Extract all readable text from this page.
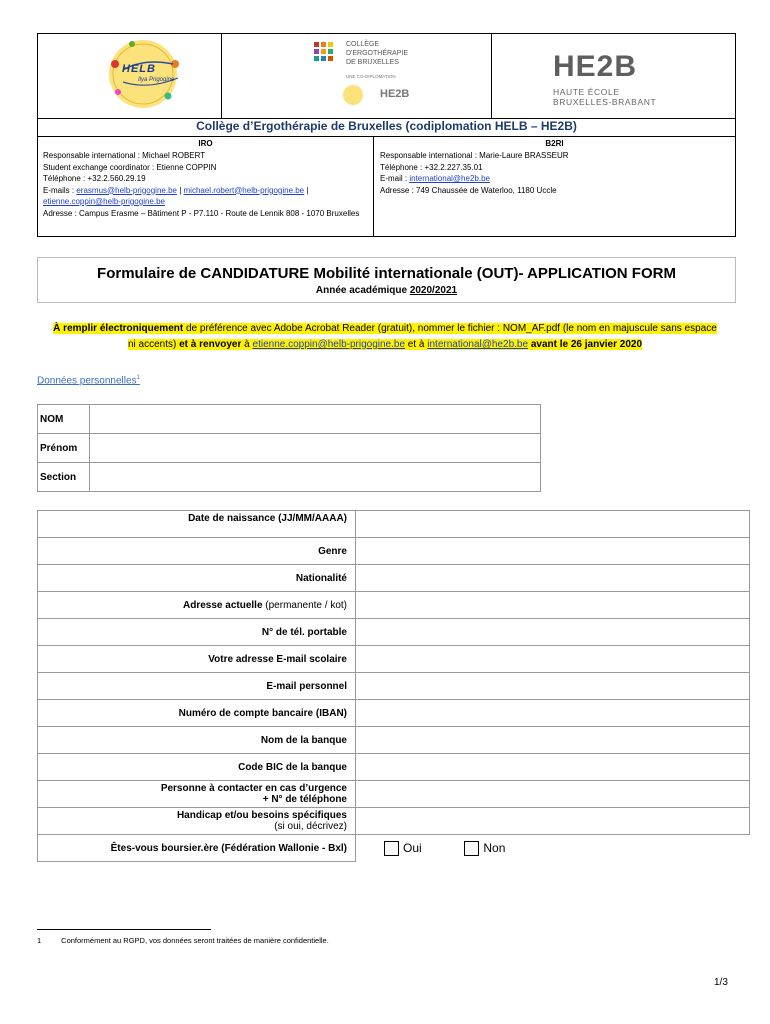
HELB
Ilya Prigogine
COLLÈGE
D'ERGOTHÉRAPIE
DE BRUXELLES
UNE CO-DIPLOMATION
HE2B
HE2B
HAUTE ÉCOLE
BRUXELLES-BRABANT
Collège d’Ergothérapie de Bruxelles (codiplomation HELB – HE2B)
IRO
Responsable international : Michael ROBERT
Student exchange coordinator : Etienne COPPIN
Téléphone : +32.2.560.29.19
E-mails : erasmus@helb-prigogine.be | michael.robert@helb-prigogine.be |
etienne.coppin@helb-prigogine.be
Adresse : Campus Erasme – Bâtiment P - P7.110 - Route de Lennik 808 - 1070 Bruxelles
B2RI
Responsable international : Marie-Laure BRASSEUR
Téléphone : +32.2.227.35.01
E-mail : international@he2b.be
Adresse : 749 Chaussée de Waterloo, 1180 Uccle
Formulaire de CANDIDATURE Mobilité internationale (OUT)- APPLICATION FORM
Année académique 2020/2021
À remplir électroniquement de préférence avec Adobe Acrobat Reader (gratuit), nommer le fichier : NOM_AF.pdf (le nom en majuscule sans espace ni accents) et à renvoyer à etienne.coppin@helb-prigogine.be et à international@he2b.be avant le 26 janvier 2020
Données personnelles$^1$
NOM	
Prénom	
Section	
Date de naissance (JJ/MM/AAAA)	
Genre	
Nationalité	
Adresse actuelle (permanente / kot)	
N° de tél. portable	
Votre adresse E-mail scolaire	
E-mail personnel	
Numéro de compte bancaire (IBAN)	
Nom de la banque	
Code BIC de la banque	

Personne à contacter en cas d’urgence
+ N° de téléphone	

Handicap et/ou besoins spécifiques
(si oui, décrivez)	

Êtes-vous boursier.ère (Fédération Wallonie - Bxl)	Oui Non
1	Conformément au RGPD, vos données seront traitées de manière confidentielle.
1/3
